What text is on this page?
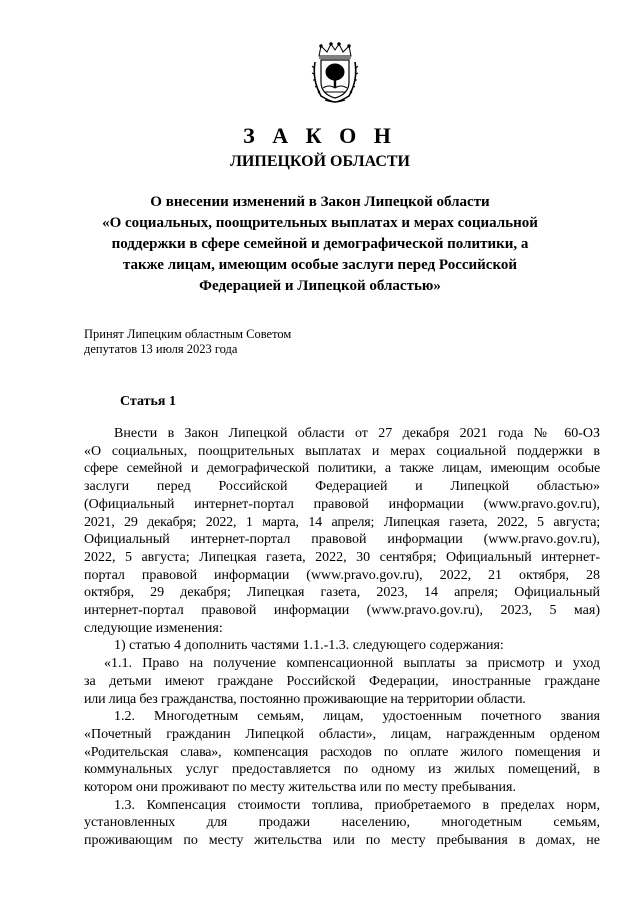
З А К О Н
ЛИПЕЦКОЙ ОБЛАСТИ
О внесении изменений в Закон Липецкой области
«О социальных, поощрительных выплатах и мерах социальной
поддержки в сфере семейной и демографической политики, а
также лицам, имеющим особые заслуги перед Российской
Федерацией и Липецкой областью»
Принят Липецким областным Советом
депутатов 13 июля 2023 года
Статья 1
Внести в Закон Липецкой области от 27 декабря 2021 года № 60-ОЗ
«О социальных, поощрительных выплатах и мерах социальной поддержки в
сфере семейной и демографической политики, а также лицам, имеющим особые
заслуги перед Российской Федерацией и Липецкой областью»
(Официальный интернет-портал правовой информации (www.pravo.gov.ru),
2021, 29 декабря; 2022, 1 марта, 14 апреля; Липецкая газета, 2022, 5 августа;
Официальный интернет-портал правовой информации (www.pravo.gov.ru),
2022, 5 августа; Липецкая газета, 2022, 30 сентября; Официальный интернет-
портал правовой информации (www.pravo.gov.ru), 2022, 21 октября, 28
октября, 29 декабря; Липецкая газета, 2023, 14 апреля; Официальный
интернет-портал правовой информации (www.pravo.gov.ru), 2023, 5 мая)
следующие изменения:
1) статью 4 дополнить частями 1.1.-1.3. следующего содержания:
«1.1. Право на получение компенсационной выплаты за присмотр и уход
за детьми имеют граждане Российской Федерации, иностранные граждане
или лица без гражданства, постоянно проживающие на территории области.
1.2. Многодетным семьям, лицам, удостоенным почетного звания
«Почетный гражданин Липецкой области», лицам, награжденным орденом
«Родительская слава», компенсация расходов по оплате жилого помещения и
коммунальных услуг предоставляется по одному из жилых помещений, в
котором они проживают по месту жительства или по месту пребывания.
1.3. Компенсация стоимости топлива, приобретаемого в пределах норм,
установленных для продажи населению, многодетным семьям,
проживающим по месту жительства или по месту пребывания в домах, не
